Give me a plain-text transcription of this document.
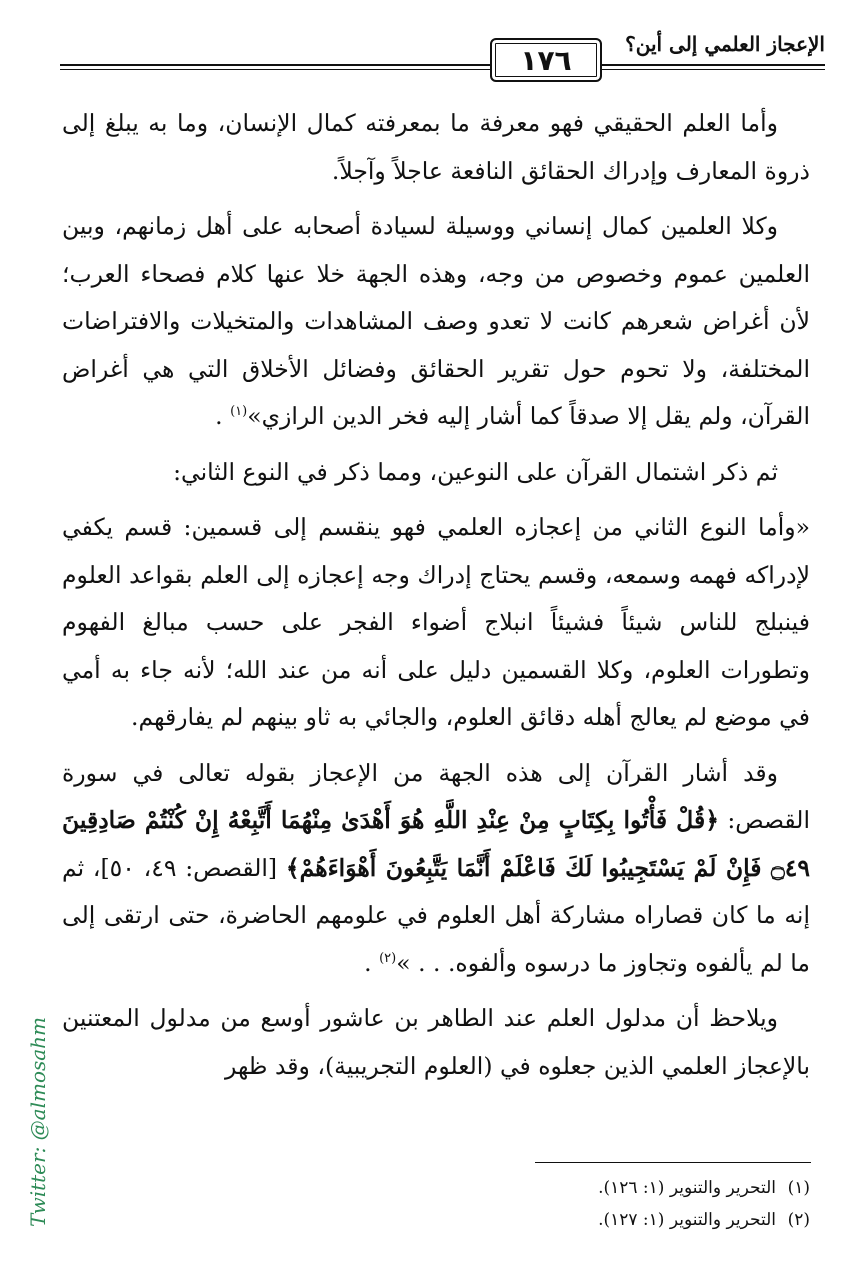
١٧٦	الإعجاز العلمي إلى أين؟

وأما العلم الحقيقي فهو معرفة ما بمعرفته كمال الإنسان، وما به يبلغ إلى ذروة المعارف وإدراك الحقائق النافعة عاجلاً وآجلاً.

وكلا العلمين كمال إنساني ووسيلة لسيادة أصحابه على أهل زمانهم، وبين العلمين عموم وخصوص من وجه، وهذه الجهة خلا عنها كلام فصحاء العرب؛ لأن أغراض شعرهم كانت لا تعدو وصف المشاهدات والمتخيلات والافتراضات المختلفة، ولا تحوم حول تقرير الحقائق وفضائل الأخلاق التي هي أغراض القرآن، ولم يقل إلا صدقاً كما أشار إليه فخر الدين الرازي»$^{(١)}$ .

ثم ذكر اشتمال القرآن على النوعين، ومما ذكر في النوع الثاني:

«وأما النوع الثاني من إعجازه العلمي فهو ينقسم إلى قسمين: قسم يكفي لإدراكه فهمه وسمعه، وقسم يحتاج إدراك وجه إعجازه إلى العلم بقواعد العلوم فينبلج للناس شيئاً فشيئاً انبلاج أضواء الفجر على حسب مبالغ الفهوم وتطورات العلوم، وكلا القسمين دليل على أنه من عند الله؛ لأنه جاء به أمي في موضع لم يعالج أهله دقائق العلوم، والجائي به ثاو بينهم لم يفارقهم.

وقد أشار القرآن إلى هذه الجهة من الإعجاز بقوله تعالى في سورة القصص: ﴿قُلْ فَأْتُوا بِكِتَابٍ مِنْ عِنْدِ اللَّهِ هُوَ أَهْدَىٰ مِنْهُمَا أَتَّبِعْهُ إِنْ كُنْتُمْ صَادِقِينَ ۝٤٩ فَإِنْ لَمْ يَسْتَجِيبُوا لَكَ فَاعْلَمْ أَنَّمَا يَتَّبِعُونَ أَهْوَاءَهُمْ﴾ [القصص: ٤٩، ٥٠]، ثم إنه ما كان قصاراه مشاركة أهل العلوم في علومهم الحاضرة، حتى ارتقى إلى ما لم يألفوه وتجاوز ما درسوه وألفوه. . . »$^{(٢)}$ .

ويلاحظ أن مدلول العلم عند الطاهر بن عاشور أوسع من مدلول المعتنين بالإعجاز العلمي الذين جعلوه في (العلوم التجريبية)، وقد ظهر

(١)التحرير والتنوير (١: ١٢٦).
(٢)التحرير والتنوير (١: ١٢٧).
Twitter: @almosahm
